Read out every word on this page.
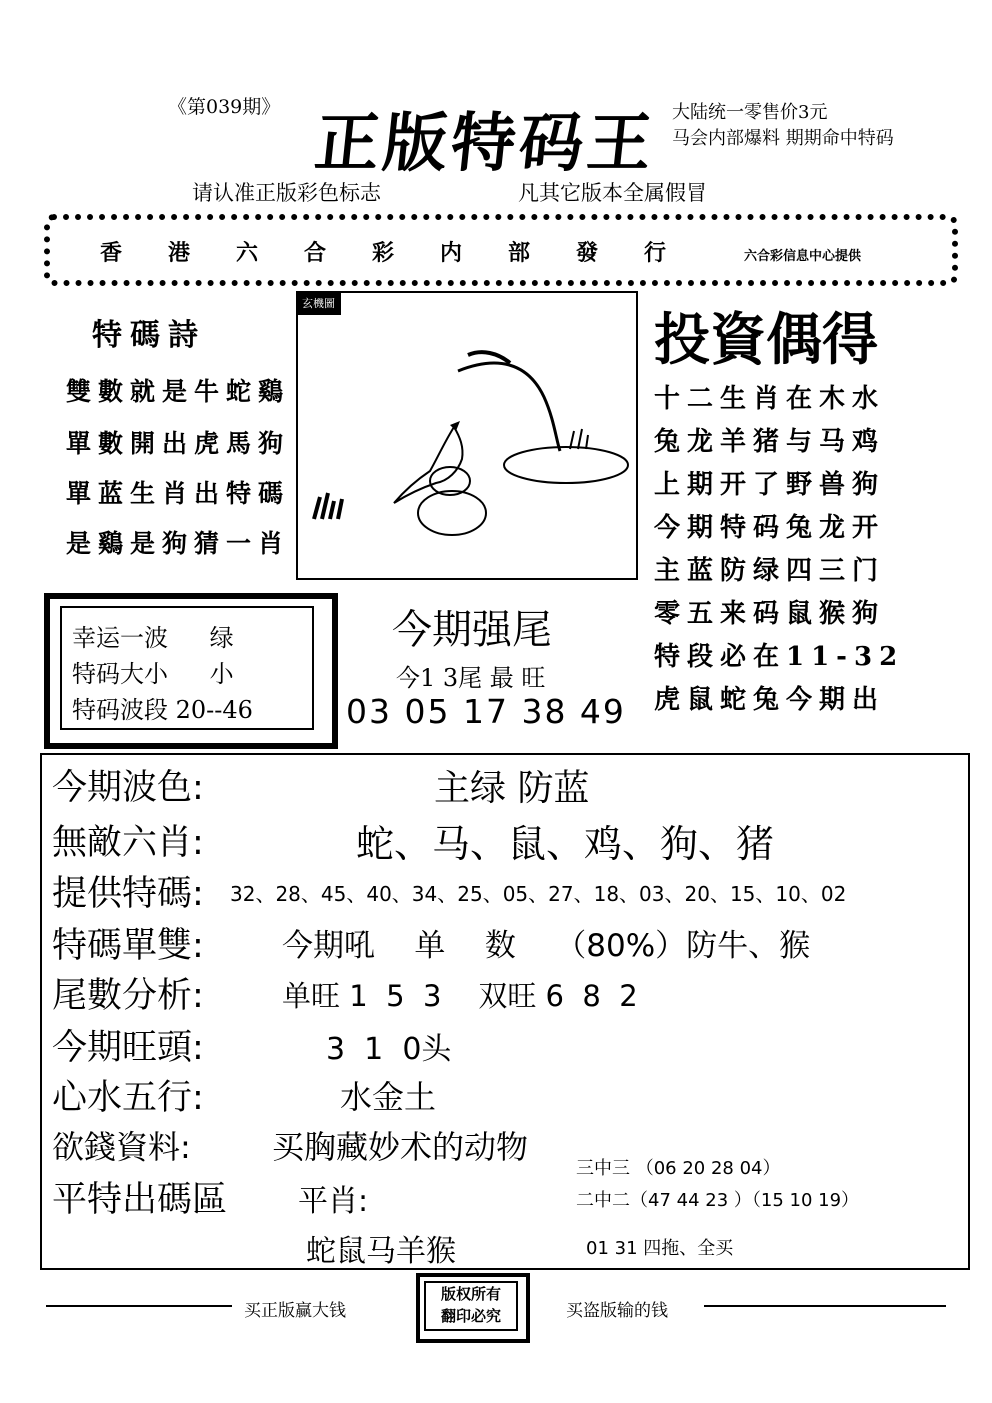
《第039期》 正版特码王 大陆统一零售价3元
马会内部爆料 期期命中特码
请认准正版彩色标志	凡其它版本全属假冒
香港六合彩内部發行 六合彩信息中心提供
特碼詩
雙數就是牛蛇鷄
單數開出虎馬狗
單蓝生肖出特碼
是鷄是狗猜一肖
玄機圖
投資偶得
十二生肖在木水
兔龙羊猪与马鸡
上期开了野兽狗
今期特码兔龙开
主蓝防绿四三门
零五来码鼠猴狗
特段必在11-32
虎鼠蛇兔今期出
幸运一波 绿
特码大小 小
特码波段 20--46
今期强尾
今1 3尾 最 旺
03 05 17 38 49
今期波色:	主绿 防蓝
無敵六肖:	蛇、马、鼠、鸡、狗、猪
提供特碼: 32、28、45、40、34、25、05、27、18、03、20、15、10、02
特碼單雙:	今期吼    单    数    （80%）防牛、猴
尾數分析:	单旺 1  5  3    双旺 6  8  2
今期旺頭:	3  1  0头
心水五行:	水金土
欲錢資料:	买胸藏妙术的动物
平特出碼區 平肖:
蛇鼠马羊猴
三中三 （06 20 28 04）
二中二（47 44 23 ）（15 10 19）
01 31 四拖、全买
买正版赢大钱
版权所有
翻印必究	买盗版输的钱
